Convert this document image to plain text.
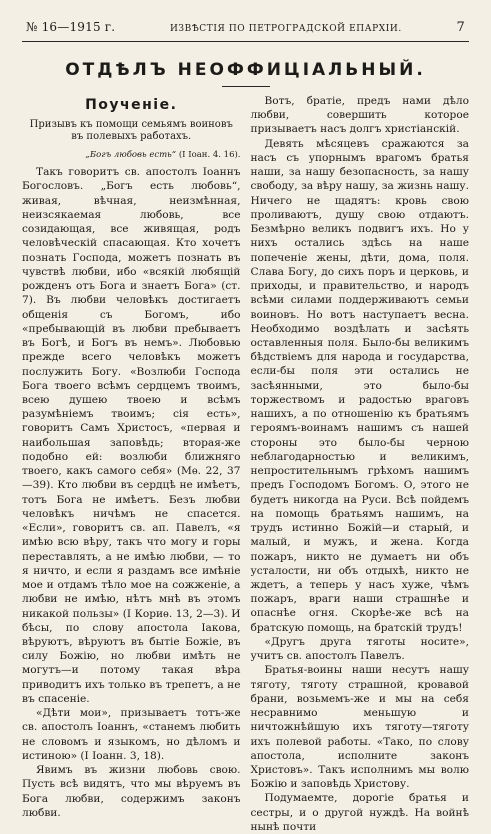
№ 16—1915 г.	ИЗВѢСТІЯ ПО ПЕТРОГРАДСКОЙ ЕПАРХІИ.	7
ОТДѢЛЪ НЕОФФИЦІАЛЬНЫЙ.
Поученіе.
Призывъ къ помощи семьямъ воиновъ
въ полевыхъ работахъ.
„Богъ любовь есть“ (I Іоан. 4. 16).

Такъ говоритъ св. апостолъ Іоаннъ Богословъ. „Богъ есть любовь“, живая, вѣчная, неизмѣнная, неизсякаемая любовь, все созидающая, все живящая, родъ человѣческій спасающая. Кто хочетъ познать Господа, можетъ познать въ чувствѣ любви, ибо «всякій любящій рожденъ отъ Бога и знаетъ Бога» (ст. 7). Въ любви человѣкъ достигаетъ общенія съ Богомъ, ибо «пребывающій въ любви пребываетъ въ Богѣ, и Богъ въ немъ». Любовью прежде всего человѣкъ можетъ послужить Богу. «Возлюби Господа Бога твоего всѣмъ сердцемъ твоимъ, всею душею твоею и всѣмъ разумѣніемъ твоимъ; сія есть», говоритъ Самъ Христосъ, «первая и наибольшая заповѣдь; вторая-же подобно ей: возлюби ближняго твоего, какъ самого себя» (Мѳ. 22, 37—39). Кто любви въ сердцѣ не имѣетъ, тотъ Бога не имѣетъ. Безъ любви человѣкъ ничѣмъ не спасется. «Если», говоритъ св. ап. Павелъ, «я имѣю всю вѣру, такъ что могу и горы переставлять, а не имѣю любви, — то я ничто, и если я раздамъ все имѣніе мое и отдамъ тѣло мое на сожженіе, а любви не имѣю, нѣтъ мнѣ въ этомъ никакой пользы» (I Кориѳ. 13, 2—3). И бѣсы, по слову апостола Іакова, вѣруютъ, вѣруютъ въ бытіе Божіе, въ силу Божію, но любви имѣть не могутъ—и потому такая вѣра приводитъ ихъ только въ трепетъ, а не въ спасеніе.

«Дѣти мои», призываетъ тотъ-же св. апостолъ Іоаннъ, «станемъ любить не словомъ и языкомъ, но дѣломъ и истиною» (I Іоанн. 3, 18).

Явимъ въ жизни любовь свою. Пусть всѣ видятъ, что мы вѣруемъ въ Бога любви, содержимъ законъ любви.

Вотъ, братіе, предъ нами дѣло любви, совершить которое призываетъ насъ долгъ христіанскій.

Девять мѣсяцевъ сражаются за насъ съ упорнымъ врагомъ братья наши, за нашу безопасность, за нашу свободу, за вѣру нашу, за жизнь нашу. Ничего не щадятъ: кровь свою проливаютъ, душу свою отдаютъ. Безмѣрно великъ подвигъ ихъ. Но у нихъ остались здѣсь на наше попеченіе жены, дѣти, дома, поля. Слава Богу, до сихъ поръ и церковь, и приходы, и правительство, и народъ всѣми силами поддерживаютъ семьи воиновъ. Но вотъ наступаетъ весна. Необходимо воздѣлать и засѣять оставленныя поля. Было-бы великимъ бѣдствіемъ для народа и государства, если-бы поля эти остались не засѣянными, это было-бы торжествомъ и радостью враговъ нашихъ, а по отношенію къ братьямъ героямъ-воинамъ нашимъ съ нашей стороны это было-бы черною неблагодарностью и великимъ, непростительнымъ грѣхомъ нашимъ предъ Господомъ Богомъ. О, этого не будетъ никогда на Руси. Всѣ пойдемъ на помощь братьямъ нашимъ, на трудъ истинно Божій—и старый, и малый, и мужъ, и жена. Когда пожаръ, никто не думаетъ ни объ усталости, ни объ отдыхѣ, никто не ждетъ, а теперь у насъ хуже, чѣмъ пожаръ, враги наши страшнѣе и опаснѣе огня. Скорѣе-же всѣ на братскую помощь, на братскій трудъ!

«Другъ друга тяготы носите», учитъ св. апостолъ Павелъ.

Братья-воины наши несутъ нашу тяготу, тяготу страшной, кровавой брани, возьмемъ-же и мы на себя несравнимо меньшую и ничтожнѣйшую ихъ тяготу—тяготу ихъ полевой работы. «Тако, по слову апостола, исполните законъ Христовъ». Такъ исполнимъ мы волю Божію и заповѣдь Христову.

Подумаемте, дорогіе братья и сестры, и о другой нуждѣ. На войнѣ нынѣ почти
